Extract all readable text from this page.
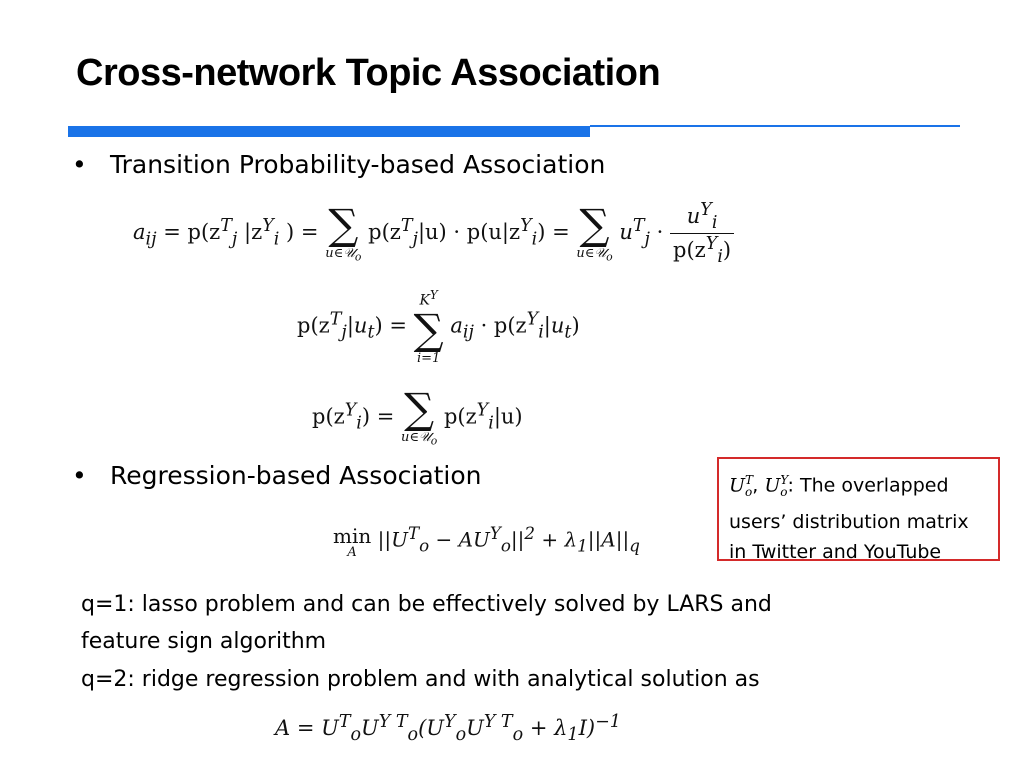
Cross-network Topic Association
• Transition Probability-based Association
$a_{ij} = p(z^T_j$ $|z^Y_i$ ) = ∑
u∈𝒰$_o$
$p(z^T_j|u) \cdot p(u|z^Y_i)$ = ∑
u∈𝒰$_o$
$u^T_j \cdot \frac{u^Y_i}{p(z^Y_i)}$
$p(z^T_j|u_t)$ =
$K^Y$
∑
i=1
$a_{ij} \cdot p(z^Y_i|u_t)$
$p(z^Y_i)$ = ∑
u∈𝒰$_o$
$p(z^Y_i|u)$
• Regression-based Association
min
A
$||U^T_o - AU^Y_o||^2 + \lambda_1||A||_q$
U$^T_o$, U$^Y_o$: The overlapped users’ distribution matrix in Twitter and YouTube
q=1: lasso problem and can be effectively solved by LARS and
feature sign algorithm
q=2: ridge regression problem and with analytical solution as
$A = U^T_oU^{Y T}_o(U^Y_oU^{Y T}_o + \lambda_1I)^{-1}$
